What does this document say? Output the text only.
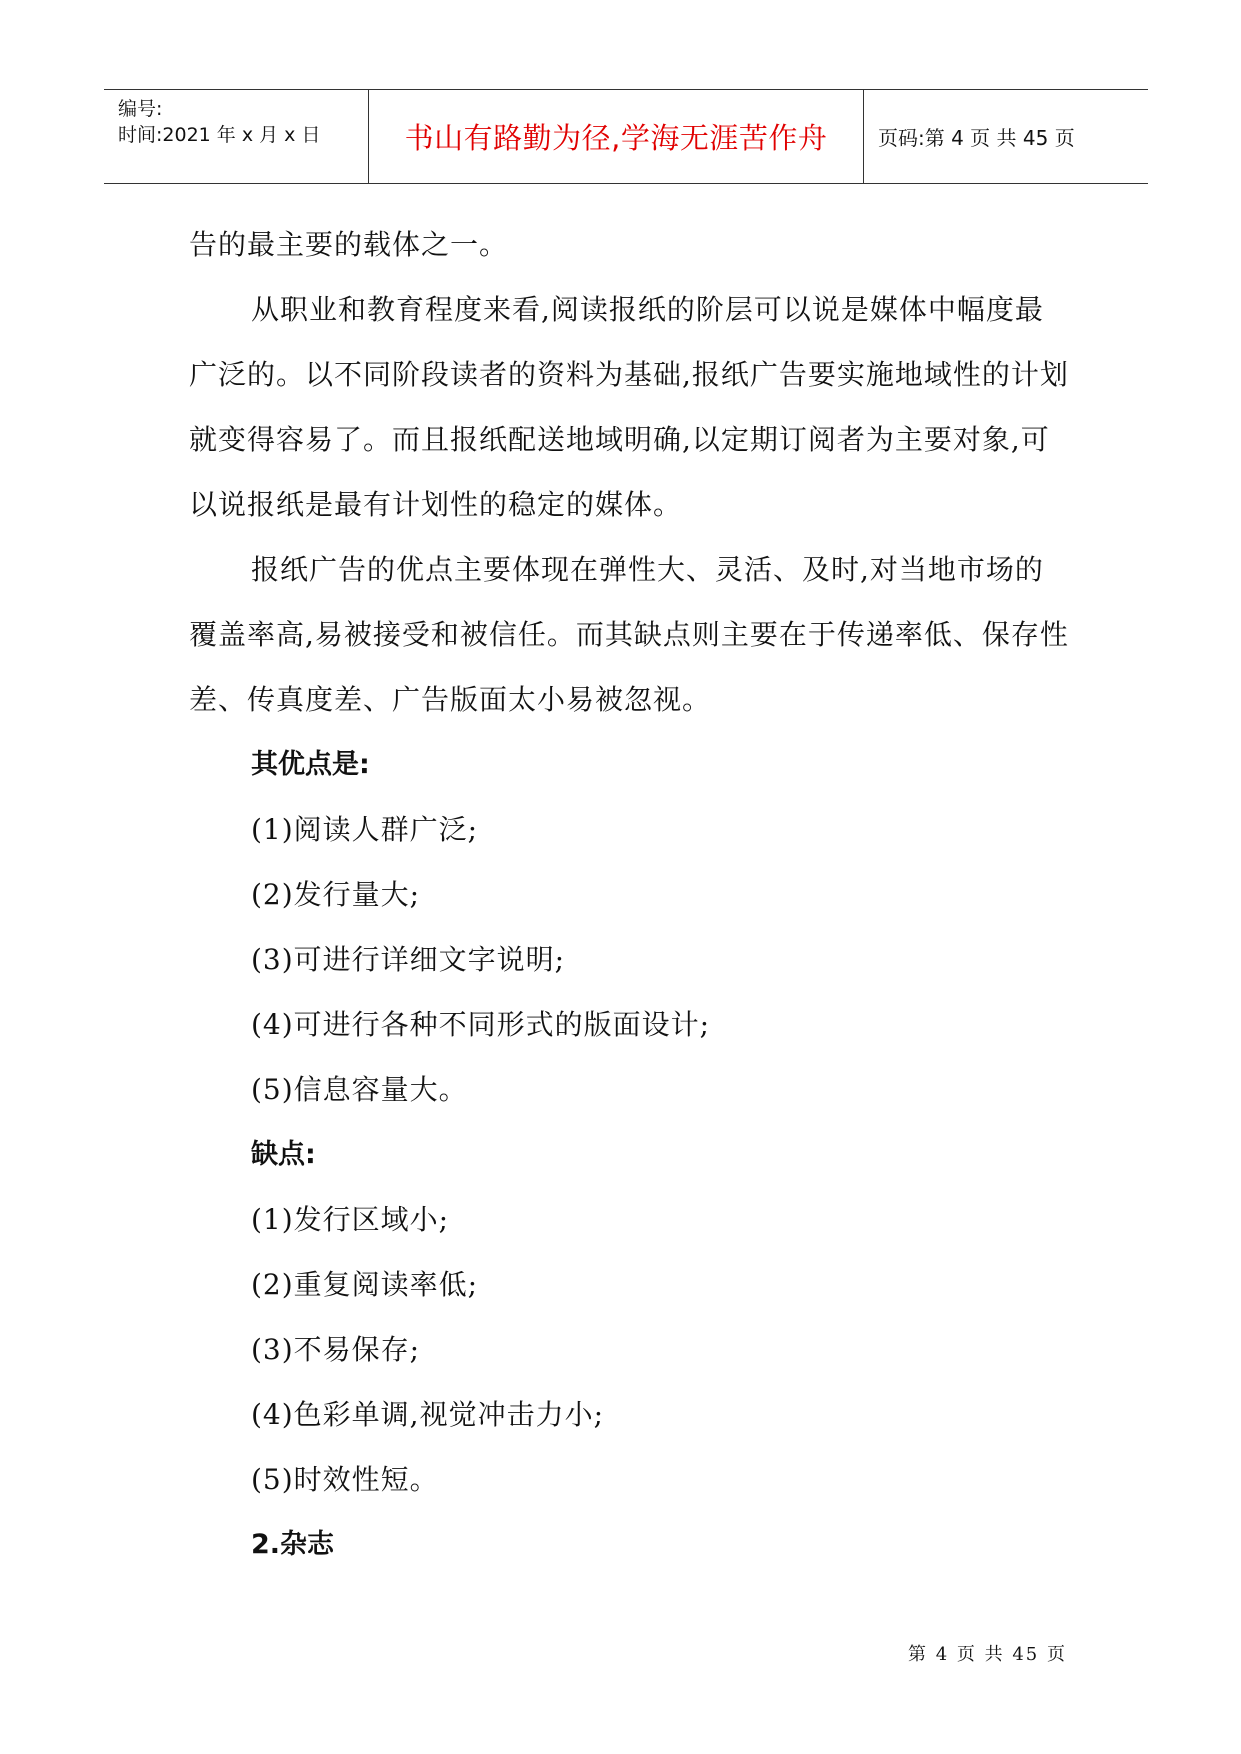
编号:
时间:2021 年 x 月 x 日	书山有路勤为径,学海无涯苦作舟	页码:第 4 页 共 45 页

告的最主要的载体之一。

从职业和教育程度来看,阅读报纸的阶层可以说是媒体中幅度最广泛的。以不同阶段读者的资料为基础,报纸广告要实施地域性的计划就变得容易了。而且报纸配送地域明确,以定期订阅者为主要对象,可以说报纸是最有计划性的稳定的媒体。

报纸广告的优点主要体现在弹性大、灵活、及时,对当地市场的覆盖率高,易被接受和被信任。而其缺点则主要在于传递率低、保存性差、传真度差、广告版面太小易被忽视。

其优点是:

(1)阅读人群广泛;

(2)发行量大;

(3)可进行详细文字说明;

(4)可进行各种不同形式的版面设计;

(5)信息容量大。

缺点:

(1)发行区域小;

(2)重复阅读率低;

(3)不易保存;

(4)色彩单调,视觉冲击力小;

(5)时效性短。

2.杂志

第 4 页 共 45 页
